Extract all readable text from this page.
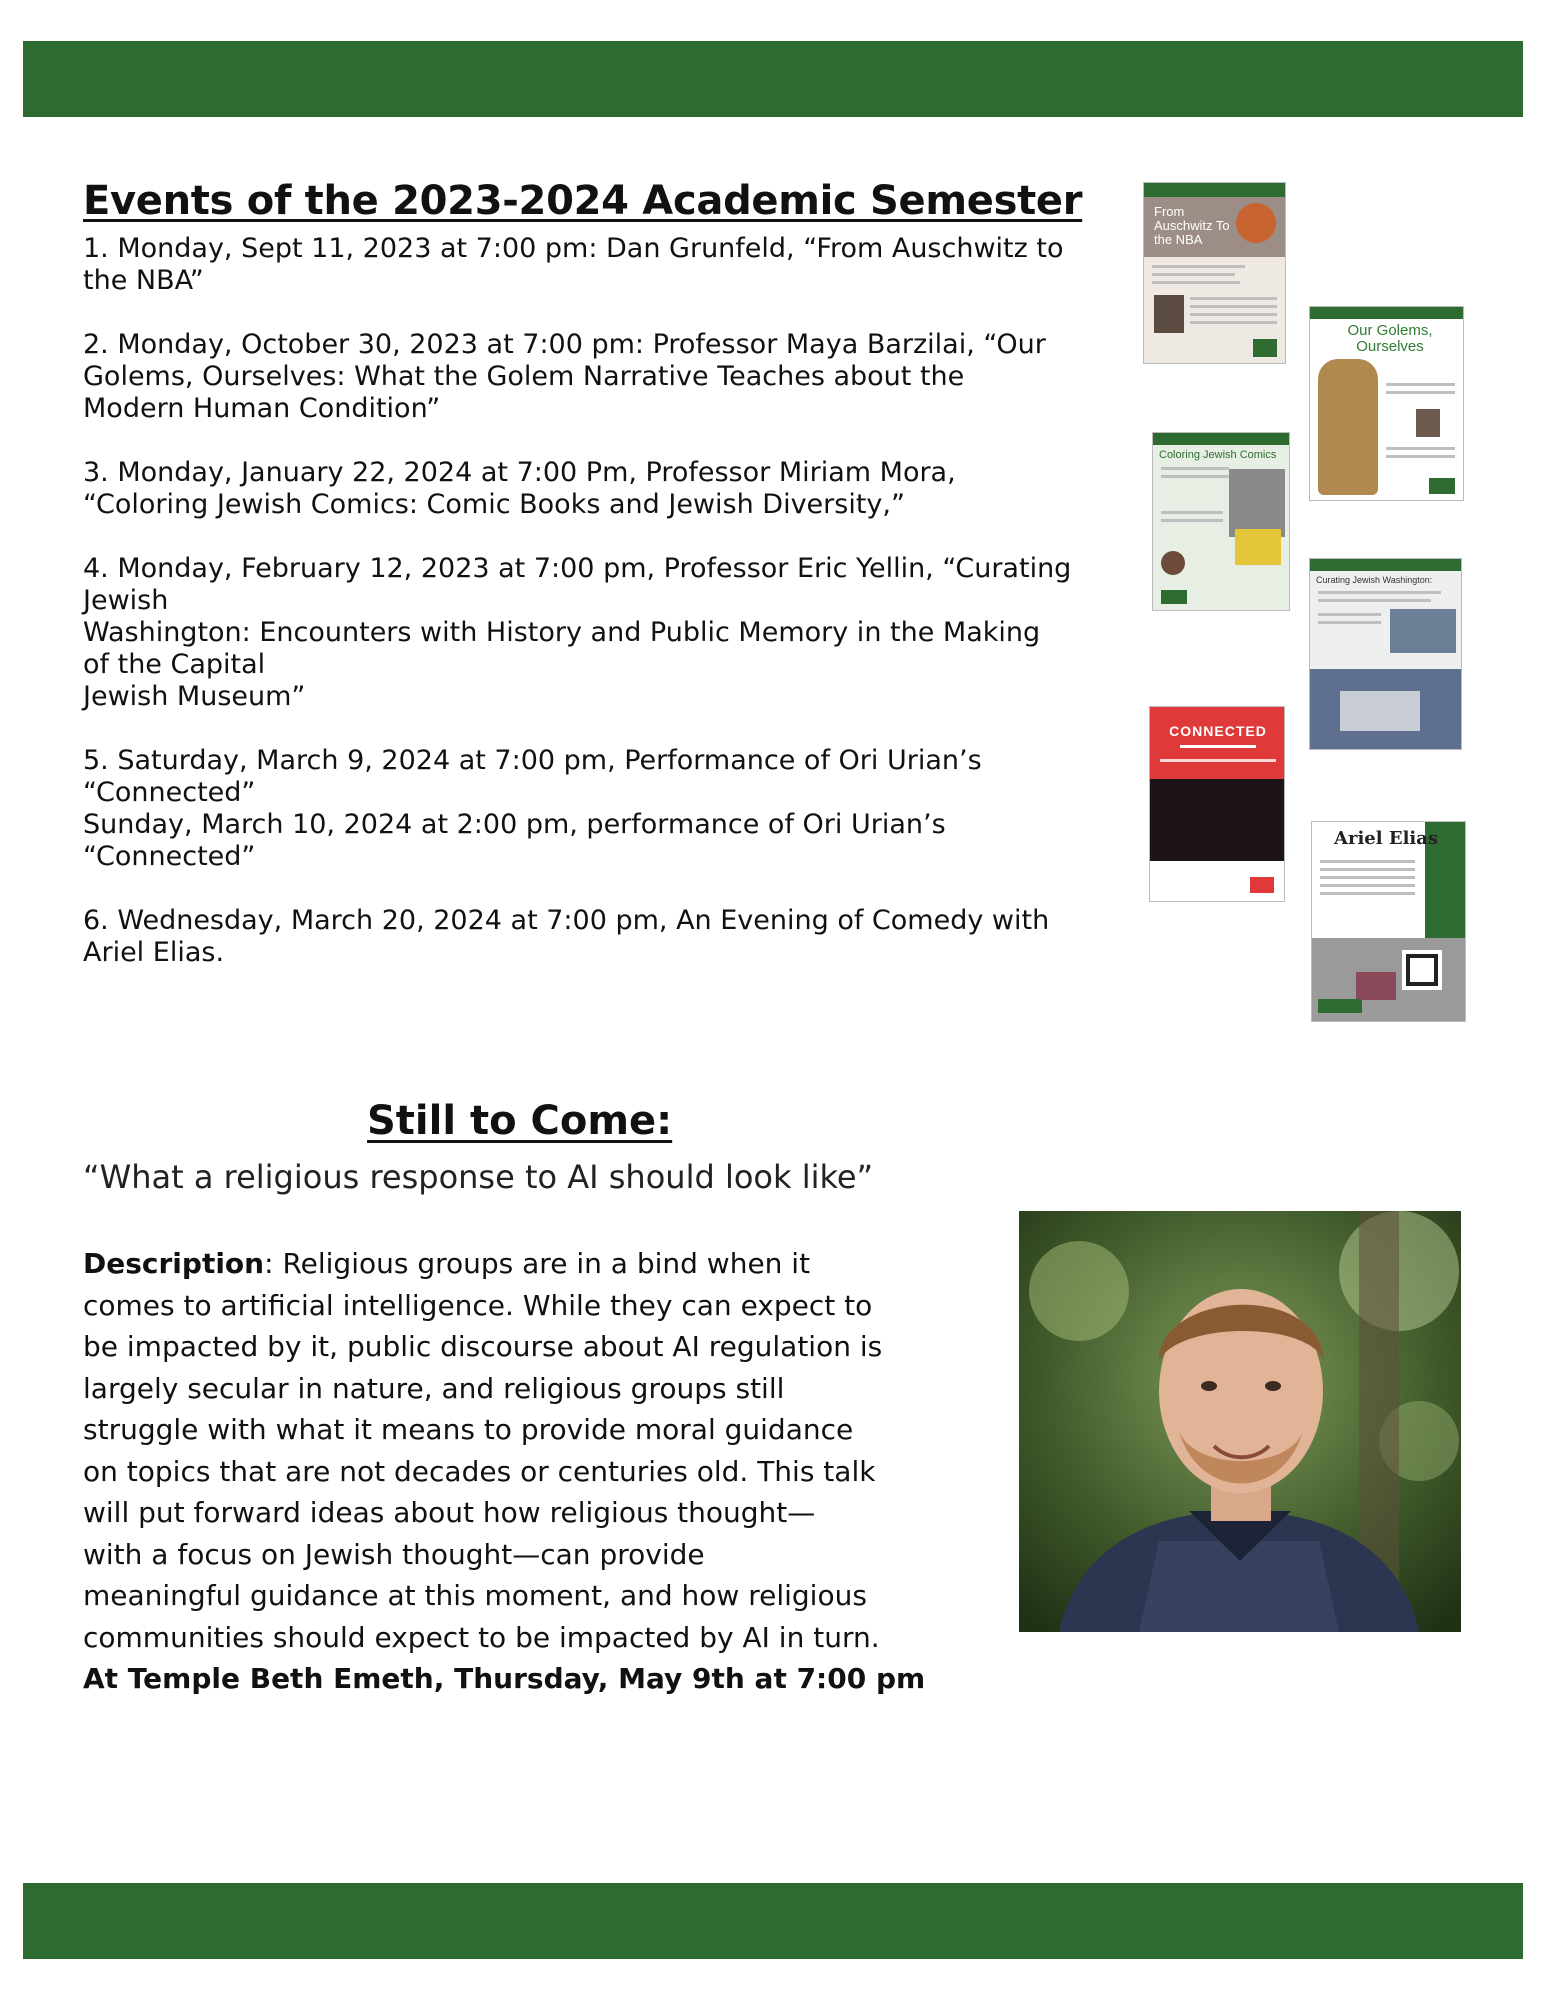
Events of the 2023-2024 Academic Semester

1. Monday, Sept 11, 2023 at 7:00 pm: Dan Grunfeld, “From Auschwitz to
the NBA”

2. Monday, October 30, 2023 at 7:00 pm: Professor Maya Barzilai, “Our
Golems, Ourselves: What the Golem Narrative Teaches about the
Modern Human Condition”

3. Monday, January 22, 2024 at 7:00 Pm, Professor Miriam Mora,
“Coloring Jewish Comics: Comic Books and Jewish Diversity,”

4. Monday, February 12, 2023 at 7:00 pm, Professor Eric Yellin, “Curating
Jewish
Washington: Encounters with History and Public Memory in the Making
of the Capital
Jewish Museum”

5. Saturday, March 9, 2024 at 7:00 pm, Performance of Ori Urian’s
“Connected”
Sunday, March 10, 2024 at 2:00 pm, performance of Ori Urian’s
“Connected”

6. Wednesday, March 20, 2024 at 7:00 pm, An Evening of Comedy with
Ariel Elias.

From Auschwitz To the NBA
Our Golems, Ourselves
Coloring Jewish Comics
Curating Jewish Washington:
CONNECTED
Ariel Elias
Still to Come:

“What a religious response to AI should look like”

Description: Religious groups are in a bind when it
comes to artificial intelligence. While they can expect to
be impacted by it, public discourse about AI regulation is
largely secular in nature, and religious groups still
struggle with what it means to provide moral guidance
on topics that are not decades or centuries old. This talk
will put forward ideas about how religious thought—
with a focus on Jewish thought—can provide
meaningful guidance at this moment, and how religious
communities should expect to be impacted by AI in turn.
At Temple Beth Emeth, Thursday, May 9th at 7:00 pm
